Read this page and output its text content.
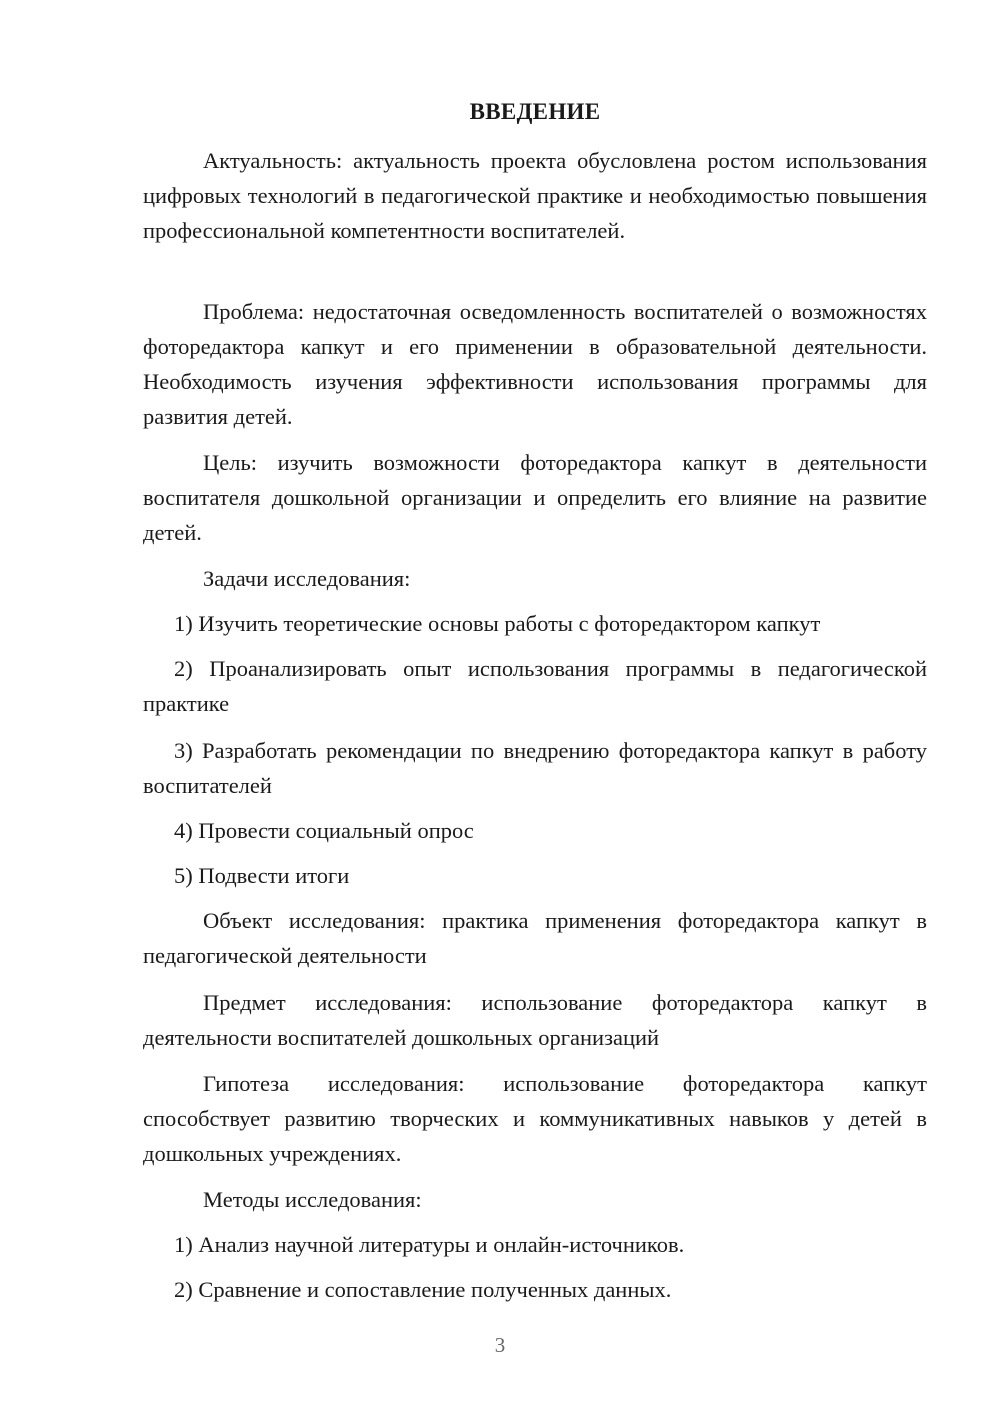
ВВЕДЕНИЕ

Актуальность: актуальность проекта обусловлена ростом использования цифровых технологий в педагогической практике и необходимостью повышения профессиональной компетентности воспитателей.

Проблема: недостаточная осведомленность воспитателей о возможностях фоторедактора капкут и его применении в образовательной деятельности. Необходимость изучения эффективности использования программы для развития детей.

Цель: изучить возможности фоторедактора капкут в деятельности воспитателя дошкольной организации и определить его влияние на развитие детей.

Задачи исследования:

1) Изучить теоретические основы работы с фоторедактором капкут

2) Проанализировать опыт использования программы в педагогической практике

3) Разработать рекомендации по внедрению фоторедактора капкут в работу воспитателей

4) Провести социальный опрос

5) Подвести итоги

Объект исследования: практика применения фоторедактора капкут в педагогической деятельности

Предмет исследования: использование фоторедактора капкут в деятельности воспитателей дошкольных организаций

Гипотеза исследования: использование фоторедактора капкут способствует развитию творческих и коммуникативных навыков у детей в дошкольных учреждениях.

Методы исследования:

1) Анализ научной литературы и онлайн-источников.

2) Сравнение и сопоставление полученных данных.

3
